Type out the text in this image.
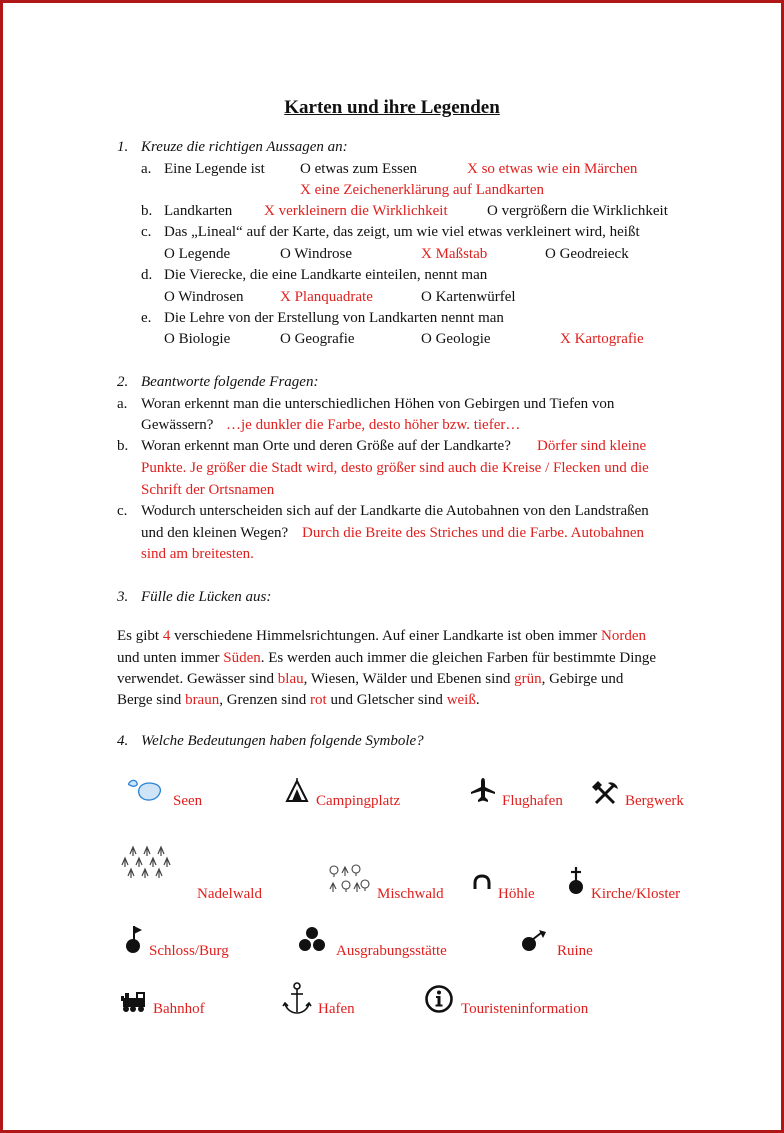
Karten und ihre Legenden
1. Kreuze die richtigen Aussagen an:
a. Eine Legende ist O etwas zum Essen	X so etwas wie ein Märchen
X eine Zeichenerklärung auf Landkarten
b. Landkarten X verkleinern die Wirklichkeit	O vergrößern die Wirklichkeit
c. Das „Lineal“ auf der Karte, das zeigt, um wie viel etwas verkleinert wird, heißt
O Legende	O Windrose	X Maßstab	O Geodreieck
d. Die Vierecke, die eine Landkarte einteilen, nennt man
O Windrosen X Planquadrate	O Kartenwürfel
e. Die Lehre von der Erstellung von Landkarten nennt man
O Biologie	O Geografie	O Geologie	X Kartografie
2. Beantworte folgende Fragen:
a. Woran erkennt man die unterschiedlichen Höhen von Gebirgen und Tiefen von
Gewässern? …je dunkler die Farbe, desto höher bzw. tiefer…
b. Woran erkennt man Orte und deren Größe auf der Landkarte? Dörfer sind kleine
Punkte. Je größer die Stadt wird, desto größer sind auch die Kreise / Flecken und die
Schrift der Ortsnamen
c. Wodurch unterscheiden sich auf der Landkarte die Autobahnen von den Landstraßen
und den kleinen Wegen? Durch die Breite des Striches und die Farbe. Autobahnen
sind am breitesten.
3. Fülle die Lücken aus:
Es gibt 4 verschiedene Himmelsrichtungen. Auf einer Landkarte ist oben immer Norden
und unten immer Süden. Es werden auch immer die gleichen Farben für bestimmte Dinge
verwendet. Gewässer sind blau, Wiesen, Wälder und Ebenen sind grün, Gebirge und
Berge sind braun, Grenzen sind rot und Gletscher sind weiß.
4. Welche Bedeutungen haben folgende Symbole?
Seen	Campingplatz	Flughafen	Bergwerk
Nadelwald	Mischwald	Höhle	Kirche/Kloster
Schloss/Burg	Ausgrabungsstätte	Ruine
Bahnhof	Hafen	Touristeninformation
